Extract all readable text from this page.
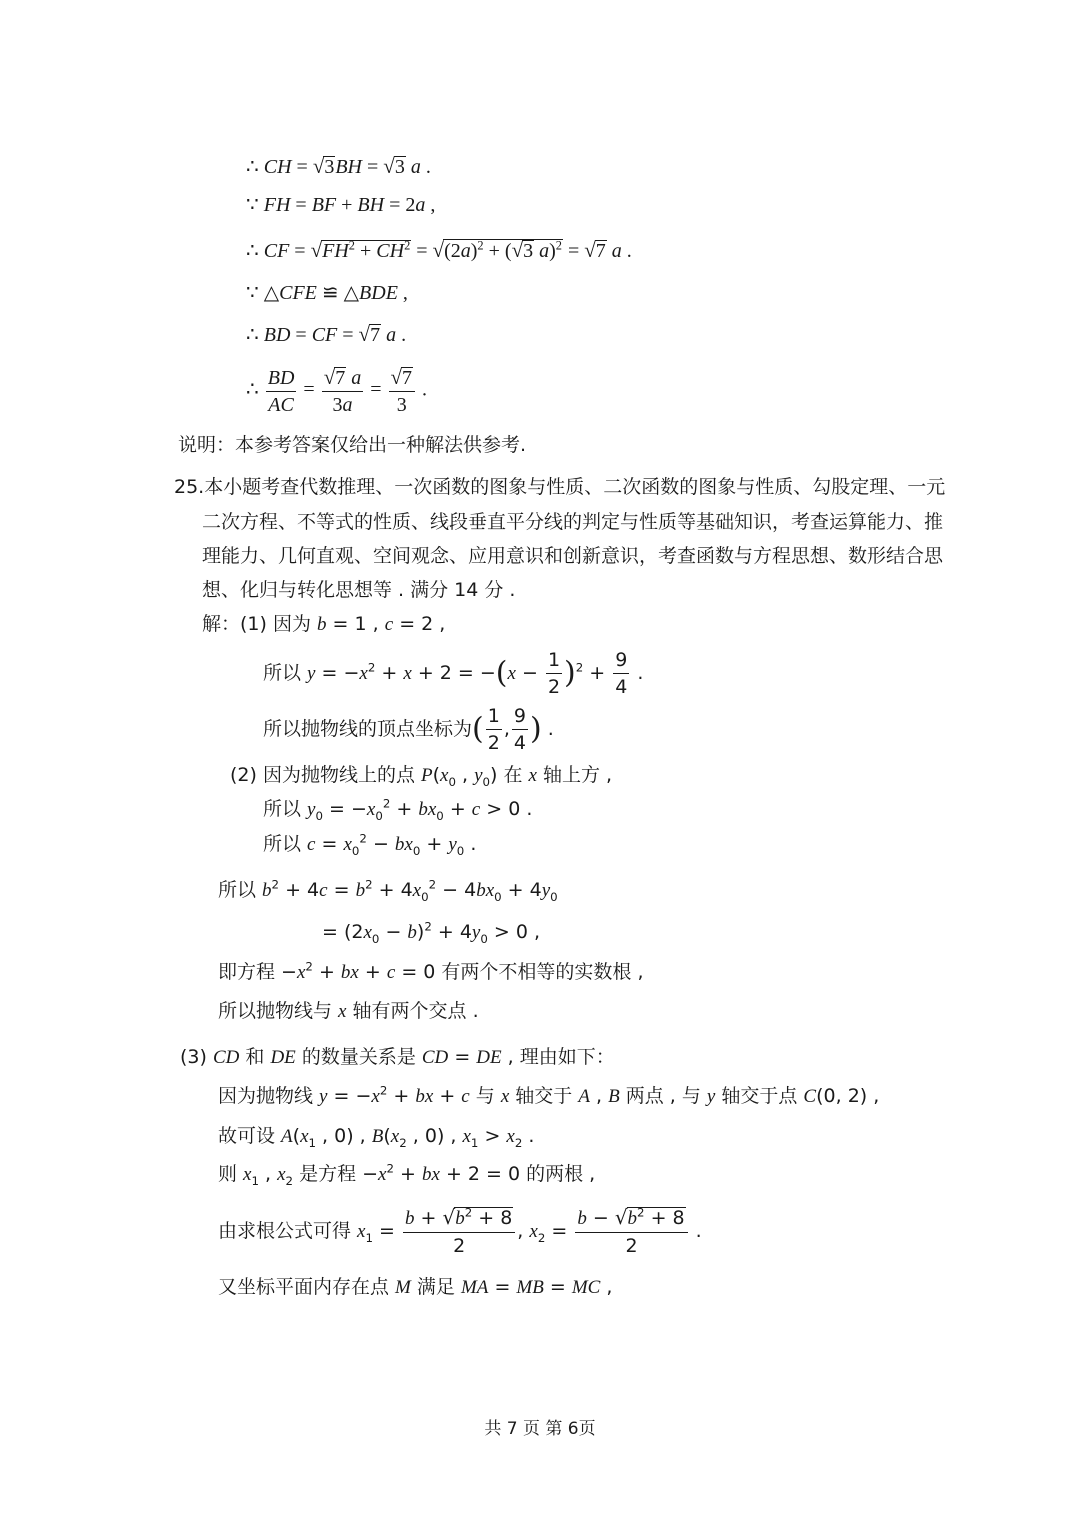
∴ CH = √3BH = √3 a .
∵ FH = BF + BH = 2a ,
∴ CF = $√FH^2 + CH^2 = √(2a)^2 + (√3$ a)$^2$ = √7 a .
∵ △CFE ≌ △BDE ,
∴ BD = CF = √7 a .
∴ $\frac{BD}{AC} = \frac{√7 a}{3a} = \frac{√7}{3}$ .
说明：本参考答案仅给出一种解法供参考.
25.本小题考查代数推理、一次函数的图象与性质、二次函数的图象与性质、勾股定理、一元
二次方程、不等式的性质、线段垂直平分线的判定与性质等基础知识，考查运算能力、推
理能力、几何直观、空间观念、应用意识和创新意识，考查函数与方程思想、数形结合思
想、化归与转化思想等 . 满分 14 分 .
解：(1) 因为 b = 1 , c = 2 ,
所以 $y = -x^2 + x + 2 = -(x - \frac{1}{2} )^2 + \frac{9}{4}$ .
所以抛物线的顶点坐标为( $\frac{1}{2}$ , $\frac{9}{4}$ ) .
(2) 因为抛物线上的点 $P(x_0$ , $y_0$) 在 x 轴上方 ,
所以 $y_0 = -x_0^2 + bx_0 + c > 0$ .
所以 $c = x_0^2 - bx_0 + y_0$ .
所以 $b^2 + 4c = b^2 + 4x_0^2 - 4bx_0 + 4y_0$
= $(2x_0 - b)^2 + 4y_0 > 0$ ,
即方程 $-x^2$ + bx + c = 0 有两个不相等的实数根 ,
所以抛物线与 x 轴有两个交点 .
(3) CD 和 DE 的数量关系是 CD = DE , 理由如下：
因为抛物线 $y = -x^2$ + bx + c 与 x 轴交于 A , B 两点 , 与 y 轴交于点 C(0, 2) ,
故可设 $A(x_1$ , 0) , $B(x_2$ , 0) , $x_1 > x_2$ .
则 $x_1$ , $x_2$ 是方程 $-x^2$ + bx + 2 = 0 的两根 ,
由求根公式可得 $x_1 = \frac{b + √b^2 + 8}{2}$ , $x_2 = \frac{b - √b^2 + 8}{2}$ .
又坐标平面内存在点 M 满足 MA = MB = MC ,
共 7 页 第 6页
